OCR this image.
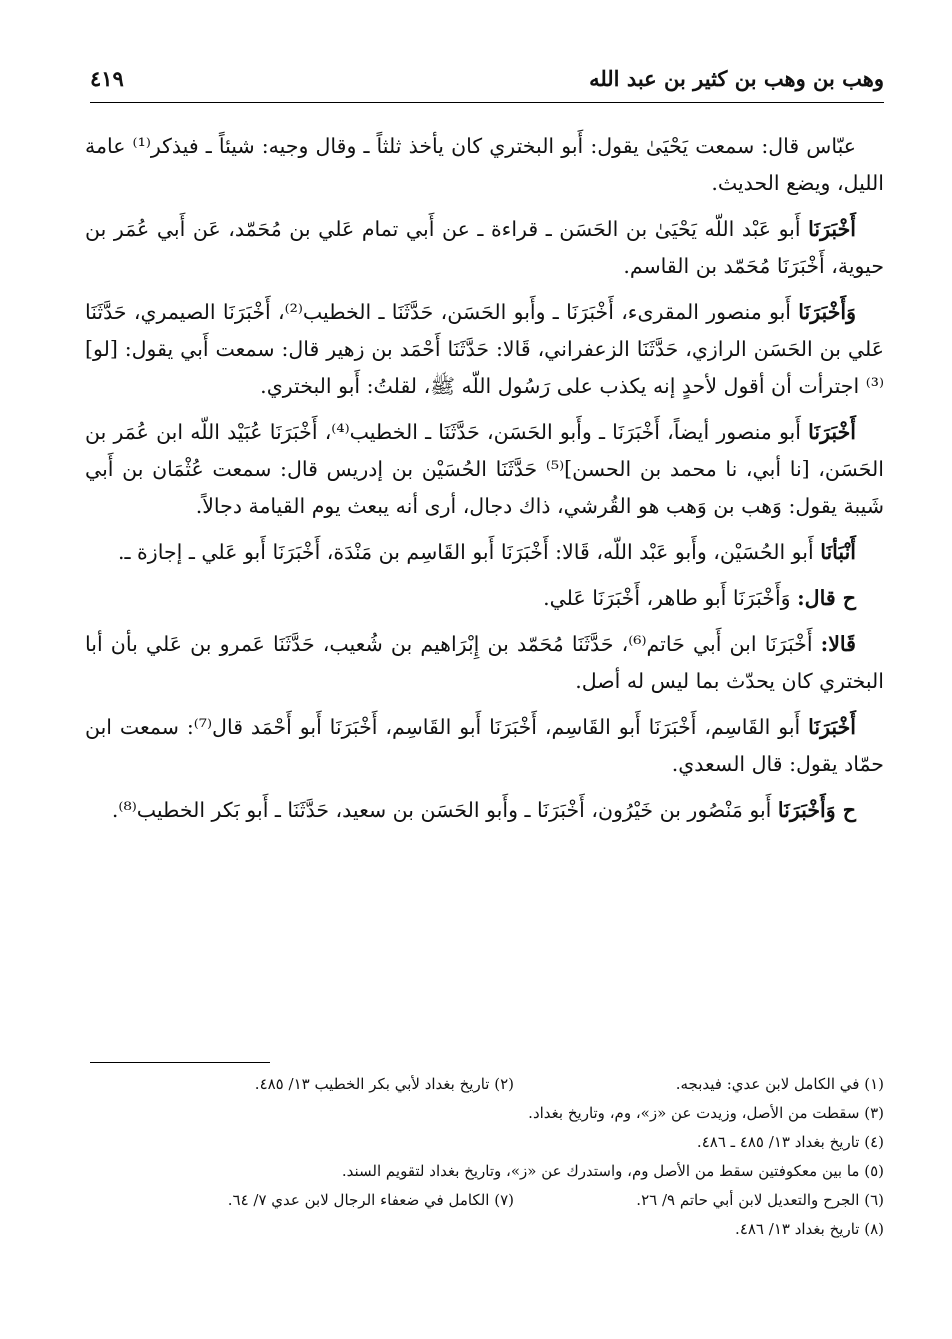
وهب بن وهب بن كثير بن عبد الله
٤١٩

عبّاس قال: سمعت يَحْيَىٰ يقول: أَبو البختري كان يأخذ ثلثاً ـ وقال وجيه: شيئاً ـ فيذكر⁽¹⁾ عامة الليل، ويضع الحديث.

أَخْبَرَنَا أَبو عَبْد اللّه يَحْيَىٰ بن الحَسَن ـ قراءة ـ عن أَبي تمام عَلي بن مُحَمّد، عَن أَبي عُمَر بن حيوية، أَخْبَرَنَا مُحَمّد بن القاسم.

وَأَخْبَرَنَا أَبو منصور المقرىء، أَخْبَرَنَا ـ وأَبو الحَسَن، حَدَّثَنَا ـ الخطيب⁽²⁾، أَخْبَرَنَا الصيمري، حَدَّثَنَا عَلي بن الحَسَن الرازي، حَدَّثَنَا الزعفراني، قَالا: حَدَّثَنَا أَحْمَد بن زهير قال: سمعت أَبي يقول: [لو]⁽³⁾ اجترأت أن أقول لأحدٍ إنه يكذب على رَسُول اللّه ﷺ، لقلتُ: أَبو البختري.

أَخْبَرَنَا أَبو منصور أيضاً، أَخْبَرَنَا ـ وأَبو الحَسَن، حَدَّثَنَا ـ الخطيب⁽⁴⁾، أَخْبَرَنَا عُبَيْد اللّه ابن عُمَر بن الحَسَن، [نا أبي، نا محمد بن الحسن]⁽⁵⁾ حَدَّثَنَا الحُسَيْن بن إدريس قال: سمعت عُثْمَان بن أَبي شَيبة يقول: وَهب بن وَهب هو القُرشي، ذاك دجال، أرى أنه يبعث يوم القيامة دجالاً.

أَنْبَأنَا أَبو الحُسَيْن، وأَبو عَبْد اللّه، قَالا: أَخْبَرَنَا أَبو القَاسِم بن مَنْدَة، أَخْبَرَنَا أَبو عَلي ـ إجازة ـ.

ح قال: وَأَخْبَرَنَا أَبو طاهر، أَخْبَرَنَا عَلي.

قَالا: أَخْبَرَنَا ابن أَبي حَاتم⁽⁶⁾، حَدَّثَنَا مُحَمّد بن إِبْرَاهيم بن شُعيب، حَدَّثَنَا عَمرو بن عَلي بأن أبا البختري كان يحدّث بما ليس له أصل.

أَخْبَرَنَا أَبو القَاسِم، أَخْبَرَنَا أَبو القَاسِم، أَخْبَرَنَا أَبو القَاسِم، أَخْبَرَنَا أَبو أَحْمَد قال⁽⁷⁾: سمعت ابن حمّاد يقول: قال السعدي.

ح وَأَخْبَرَنَا أَبو مَنْصُور بن خَيْرُون، أَخْبَرَنَا ـ وأَبو الحَسَن بن سعيد، حَدَّثَنَا ـ أَبو بَكر الخطيب⁽⁸⁾.

(١) في الكامل لابن عدي: فيدبجه.
(٢) تاريخ بغداد لأبي بكر الخطيب ١٣/ ٤٨٥.
(٣) سقطت من الأصل، وزيدت عن «ز»، وم، وتاريخ بغداد.
(٤) تاريخ بغداد ١٣/ ٤٨٥ ـ ٤٨٦.
(٥) ما بين معكوفتين سقط من الأصل وم، واستدرك عن «ز»، وتاريخ بغداد لتقويم السند.
(٦) الجرح والتعديل لابن أبي حاتم ٩/ ٢٦.
(٧) الكامل في ضعفاء الرجال لابن عدي ٧/ ٦٤.
(٨) تاريخ بغداد ١٣/ ٤٨٦.
